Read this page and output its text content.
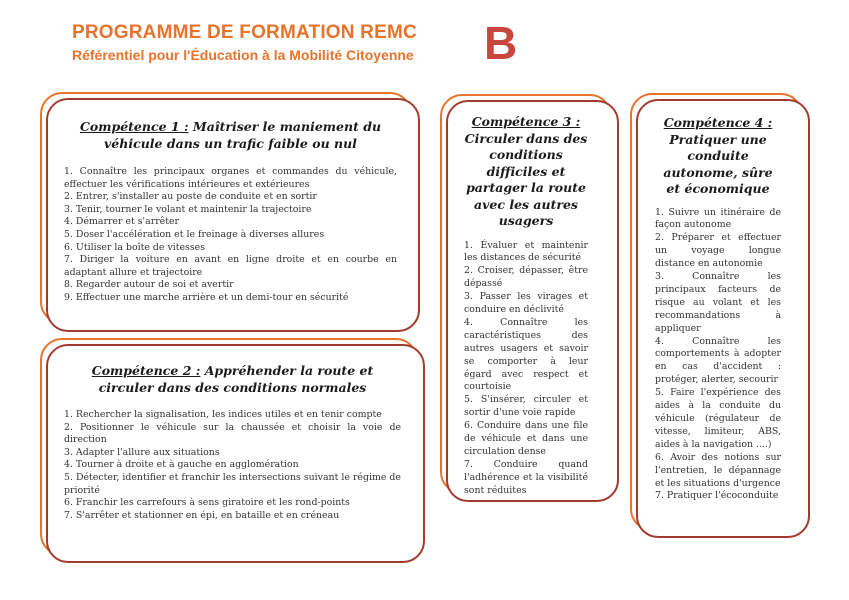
PROGRAMME DE FORMATION REMC
Référentiel pour l'Éducation à la Mobilité Citoyenne B
Compétence 1 : Maîtriser le maniement du véhicule dans un trafic faible ou nul
1. Connaître les principaux organes et commandes du véhicule, effectuer les vérifications intérieures et extérieures
2. Entrer, s'installer au poste de conduite et en sortir
3. Tenir, tourner le volant et maintenir la trajectoire
4. Démarrer et s'arrêter
5. Doser l'accélération et le freinage à diverses allures
6. Utiliser la boîte de vitesses
7. Diriger la voiture en avant en ligne droite et en courbe en adaptant allure et trajectoire
8. Regarder autour de soi et avertir
9. Effectuer une marche arrière et un demi-tour en sécurité
Compétence 2 : Appréhender la route et circuler dans des conditions normales
1. Rechercher la signalisation, les indices utiles et en tenir compte
2. Positionner le véhicule sur la chaussée et choisir la voie de direction
3. Adapter l'allure aux situations
4. Tourner à droite et à gauche en agglomération
5. Détecter, identifier et franchir les intersections suivant le régime de priorité
6. Franchir les carrefours à sens giratoire et les rond-points
7. S'arrêter et stationner en épi, en bataille et en créneau
Compétence 3 :
Circuler dans des conditions difficiles et partager la route avec les autres usagers
1. Évaluer et maintenir les distances de sécurité
2. Croiser, dépasser, être dépassé
3. Passer les virages et conduire en déclivité
4. Connaître les caractéristiques des autres usagers et savoir se comporter à leur égard avec respect et courtoisie
5. S'insérer, circuler et sortir d'une voie rapide
6. Conduire dans une file de véhicule et dans une circulation dense
7. Conduire quand l'adhérence et la visibilité sont réduites
Compétence 4 :
Pratiquer une conduite autonome, sûre et économique
1. Suivre un itinéraire de façon autonome
2. Préparer et effectuer un voyage longue distance en autonomie
3. Connaître les principaux facteurs de risque au volant et les recommandations à appliquer
4. Connaître les comportements à adopter en cas d'accident : protéger, alerter, secourir
5. Faire l'expérience des aides à la conduite du véhicule (régulateur de vitesse, limiteur, ABS, aides à la navigation ....)
6. Avoir des notions sur l'entretien, le dépannage et les situations d'urgence
7. Pratiquer l'écoconduite
